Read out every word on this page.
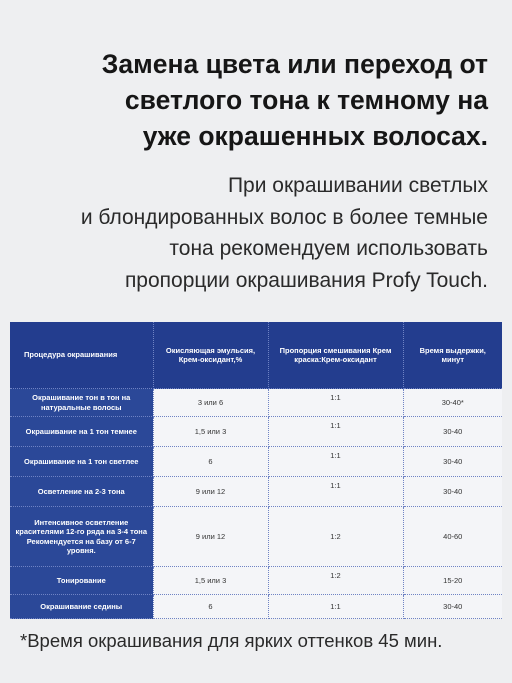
Замена цвета или переход от
светлого тона к темному на
уже окрашенных волосах.
При окрашивании светлых
и блондированных волос в более темные
тона рекомендуем использовать
пропорции окрашивания Profy Touch.
Процедура окрашивания	Окисляющая эмульсия, Крем-оксидант,%	Пропорция смешивания Крем краска:Крем-оксидант	Время выдержки, минут
Окрашивание тон в тон на натуральные волосы	3 или 6	1:1	30-40*
Окрашивание на 1 тон темнее	1,5 или 3	1:1	30-40
Окрашивание на 1 тон светлее	6	1:1	30-40
Осветление на 2-3 тона	9 или 12	1:1	30-40
Интенсивное осветление красителями 12-го ряда на 3-4 тона Рекомендуется на базу от 6-7 уровня.	9 или 12	1:2	40-60
Тонирование	1,5 или 3	1:2	15-20
Окрашивание седины	6	1:1	30-40
*Время окрашивания для ярких оттенков 45 мин.
